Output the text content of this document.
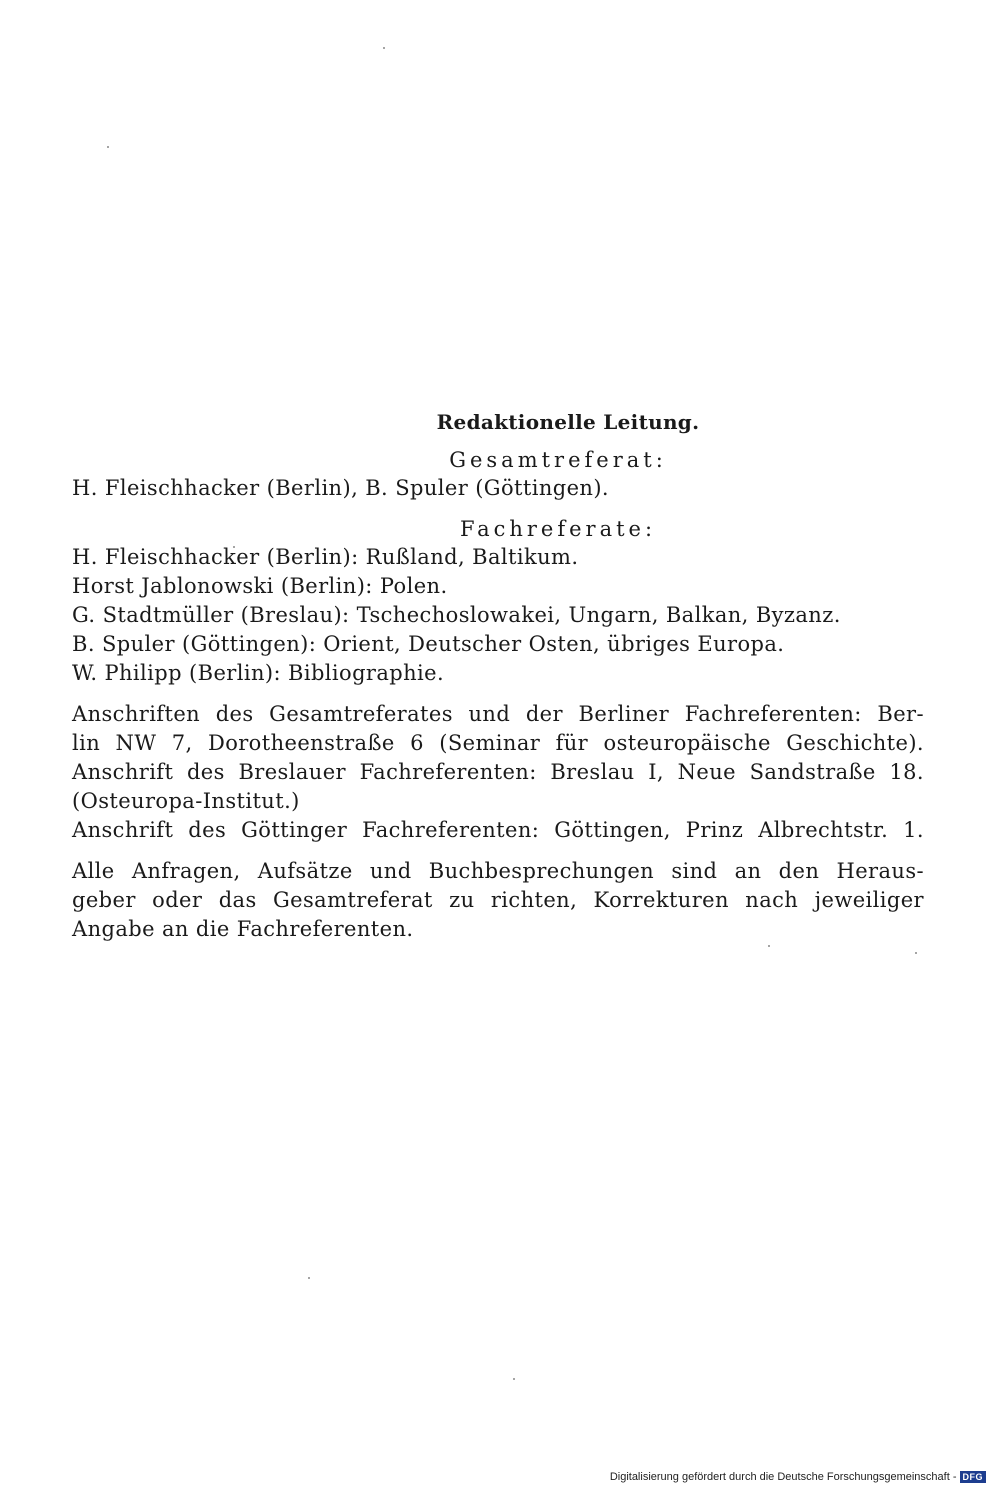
Redaktionelle Leitung.
Gesamtreferat:
H. Fleischhacker (Berlin), B. Spuler (Göttingen).
Fachreferate:
H. Fleischhacker (Berlin): Rußland, Baltikum.
Horst Jablonowski (Berlin): Polen.
G. Stadtmüller (Breslau): Tschechoslowakei, Ungarn, Balkan, Byzanz.
B. Spuler (Göttingen): Orient, Deutscher Osten, übriges Europa.
W. Philipp (Berlin): Bibliographie.
Anschriften des Gesamtreferates und der Berliner Fachreferenten: Ber-
lin NW 7, Dorotheenstraße 6 (Seminar für osteuropäische Geschichte).
Anschrift des Breslauer Fachreferenten: Breslau I, Neue Sandstraße 18.
(Osteuropa-Institut.)
Anschrift des Göttinger Fachreferenten: Göttingen, Prinz Albrechtstr. 1.
Alle Anfragen, Aufsätze und Buchbesprechungen sind an den Heraus-
geber oder das Gesamtreferat zu richten, Korrekturen nach jeweiliger
Angabe an die Fachreferenten.
Digitalisierung gefördert durch die Deutsche Forschungsgemeinschaft - DFG
